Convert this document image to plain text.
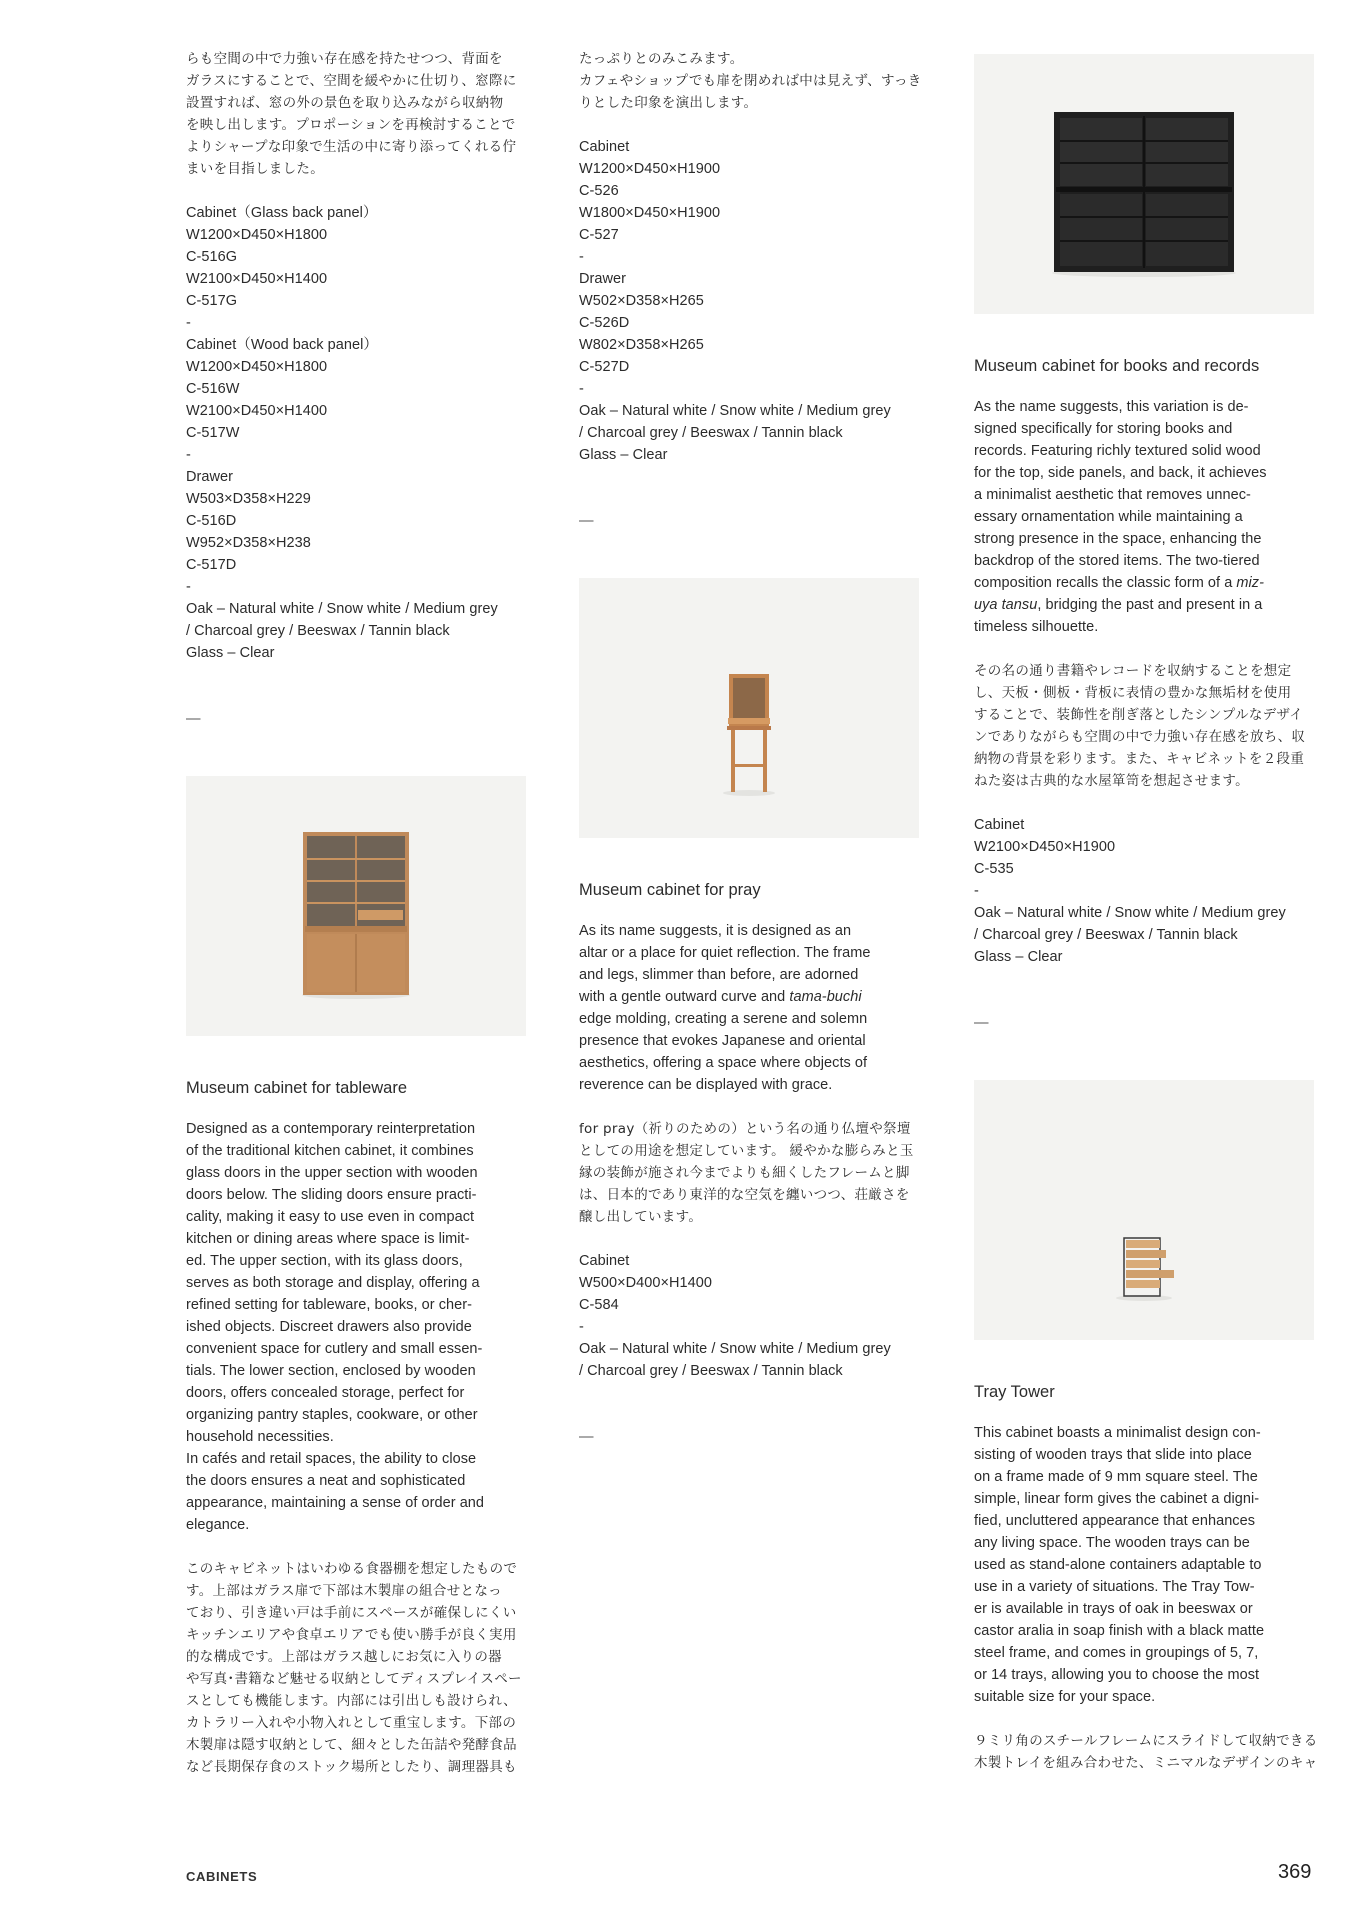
らも空間の中で力強い存在感を持たせつつ、背面を
ガラスにすることで、空間を緩やかに仕切り、窓際に
設置すれば、窓の外の景色を取り込みながら収納物
を映し出します。プロポーションを再検討することで
よりシャープな印象で生活の中に寄り添ってくれる佇
まいを目指しました。
Cabinet（Glass back panel）
W1200×D450×H1800
C-516G
W2100×D450×H1400
C-517G
-
Cabinet（Wood back panel）
W1200×D450×H1800
C-516W
W2100×D450×H1400
C-517W
-
Drawer
W503×D358×H229
C-516D
W952×D358×H238
C-517D
-
Oak – Natural white / Snow white / Medium grey
/ Charcoal grey / Beeswax / Tannin black
Glass – Clear
—
Museum cabinet for tableware
Designed as a contemporary reinterpretation
of the traditional kitchen cabinet, it combines
glass doors in the upper section with wooden
doors below. The sliding doors ensure practi-
cality, making it easy to use even in compact
kitchen or dining areas where space is limit-
ed. The upper section, with its glass doors,
serves as both storage and display, offering a
refined setting for tableware, books, or cher-
ished objects. Discreet drawers also provide
convenient space for cutlery and small essen-
tials. The lower section, enclosed by wooden
doors, offers concealed storage, perfect for
organizing pantry staples, cookware, or other
household necessities.
In cafés and retail spaces, the ability to close
the doors ensures a neat and sophisticated
appearance, maintaining a sense of order and
elegance.
このキャビネットはいわゆる食器棚を想定したもので
す。上部はガラス扉で下部は木製扉の組合せとなっ
ており、引き違い戸は手前にスペースが確保しにくい
キッチンエリアや食卓エリアでも使い勝手が良く実用
的な構成です。上部はガラス越しにお気に入りの器
や写真･書籍など魅せる収納としてディスプレイスペー
スとしても機能します。内部には引出しも設けられ、
カトラリー入れや小物入れとして重宝します。下部の
木製扉は隠す収納として、細々とした缶詰や発酵食品
など長期保存食のストック場所としたり、調理器具も
たっぷりとのみこみます。
カフェやショップでも扉を閉めれば中は見えず、すっき
りとした印象を演出します。
Cabinet
W1200×D450×H1900
C-526
W1800×D450×H1900
C-527
-
Drawer
W502×D358×H265
C-526D
W802×D358×H265
C-527D
-
Oak – Natural white / Snow white / Medium grey
/ Charcoal grey / Beeswax / Tannin black
Glass – Clear
—
Museum cabinet for pray
As its name suggests, it is designed as an
altar or a place for quiet reflection. The frame
and legs, slimmer than before, are adorned
with a gentle outward curve and tama-buchi
edge molding, creating a serene and solemn
presence that evokes Japanese and oriental
aesthetics, offering a space where objects of
reverence can be displayed with grace.
for pray（祈りのための）という名の通り仏壇や祭壇
としての用途を想定しています。 緩やかな膨らみと玉
縁の装飾が施され今までよりも細くしたフレームと脚
は、日本的であり東洋的な空気を纏いつつ、荘厳さを
醸し出しています。
Cabinet
W500×D400×H1400
C-584
-
Oak – Natural white / Snow white / Medium grey
/ Charcoal grey / Beeswax / Tannin black
—
Museum cabinet for books and records
As the name suggests, this variation is de-
signed specifically for storing books and
records. Featuring richly textured solid wood
for the top, side panels, and back, it achieves
a minimalist aesthetic that removes unnec-
essary ornamentation while maintaining a
strong presence in the space, enhancing the
backdrop of the stored items. The two-tiered
composition recalls the classic form of a miz-
uya tansu, bridging the past and present in a
timeless silhouette.
その名の通り書籍やレコードを収納することを想定
し、天板・側板・背板に表情の豊かな無垢材を使用
することで、装飾性を削ぎ落としたシンプルなデザイ
ンでありながらも空間の中で力強い存在感を放ち、収
納物の背景を彩ります。また、キャビネットを２段重
ねた姿は古典的な水屋箪笥を想起させます。
Cabinet
W2100×D450×H1900
C-535
-
Oak – Natural white / Snow white / Medium grey
/ Charcoal grey / Beeswax / Tannin black
Glass – Clear
—
Tray Tower
This cabinet boasts a minimalist design con-
sisting of wooden trays that slide into place
on a frame made of 9 mm square steel. The
simple, linear form gives the cabinet a digni-
fied, uncluttered appearance that enhances
any living space. The wooden trays can be
used as stand-alone containers adaptable to
use in a variety of situations. The Tray Tow-
er is available in trays of oak in beeswax or
castor aralia in soap finish with a black matte
steel frame, and comes in groupings of 5, 7,
or 14 trays, allowing you to choose the most
suitable size for your space.
９ミリ角のスチールフレームにスライドして収納できる
木製トレイを組み合わせた、ミニマルなデザインのキャ
CABINETS	369
